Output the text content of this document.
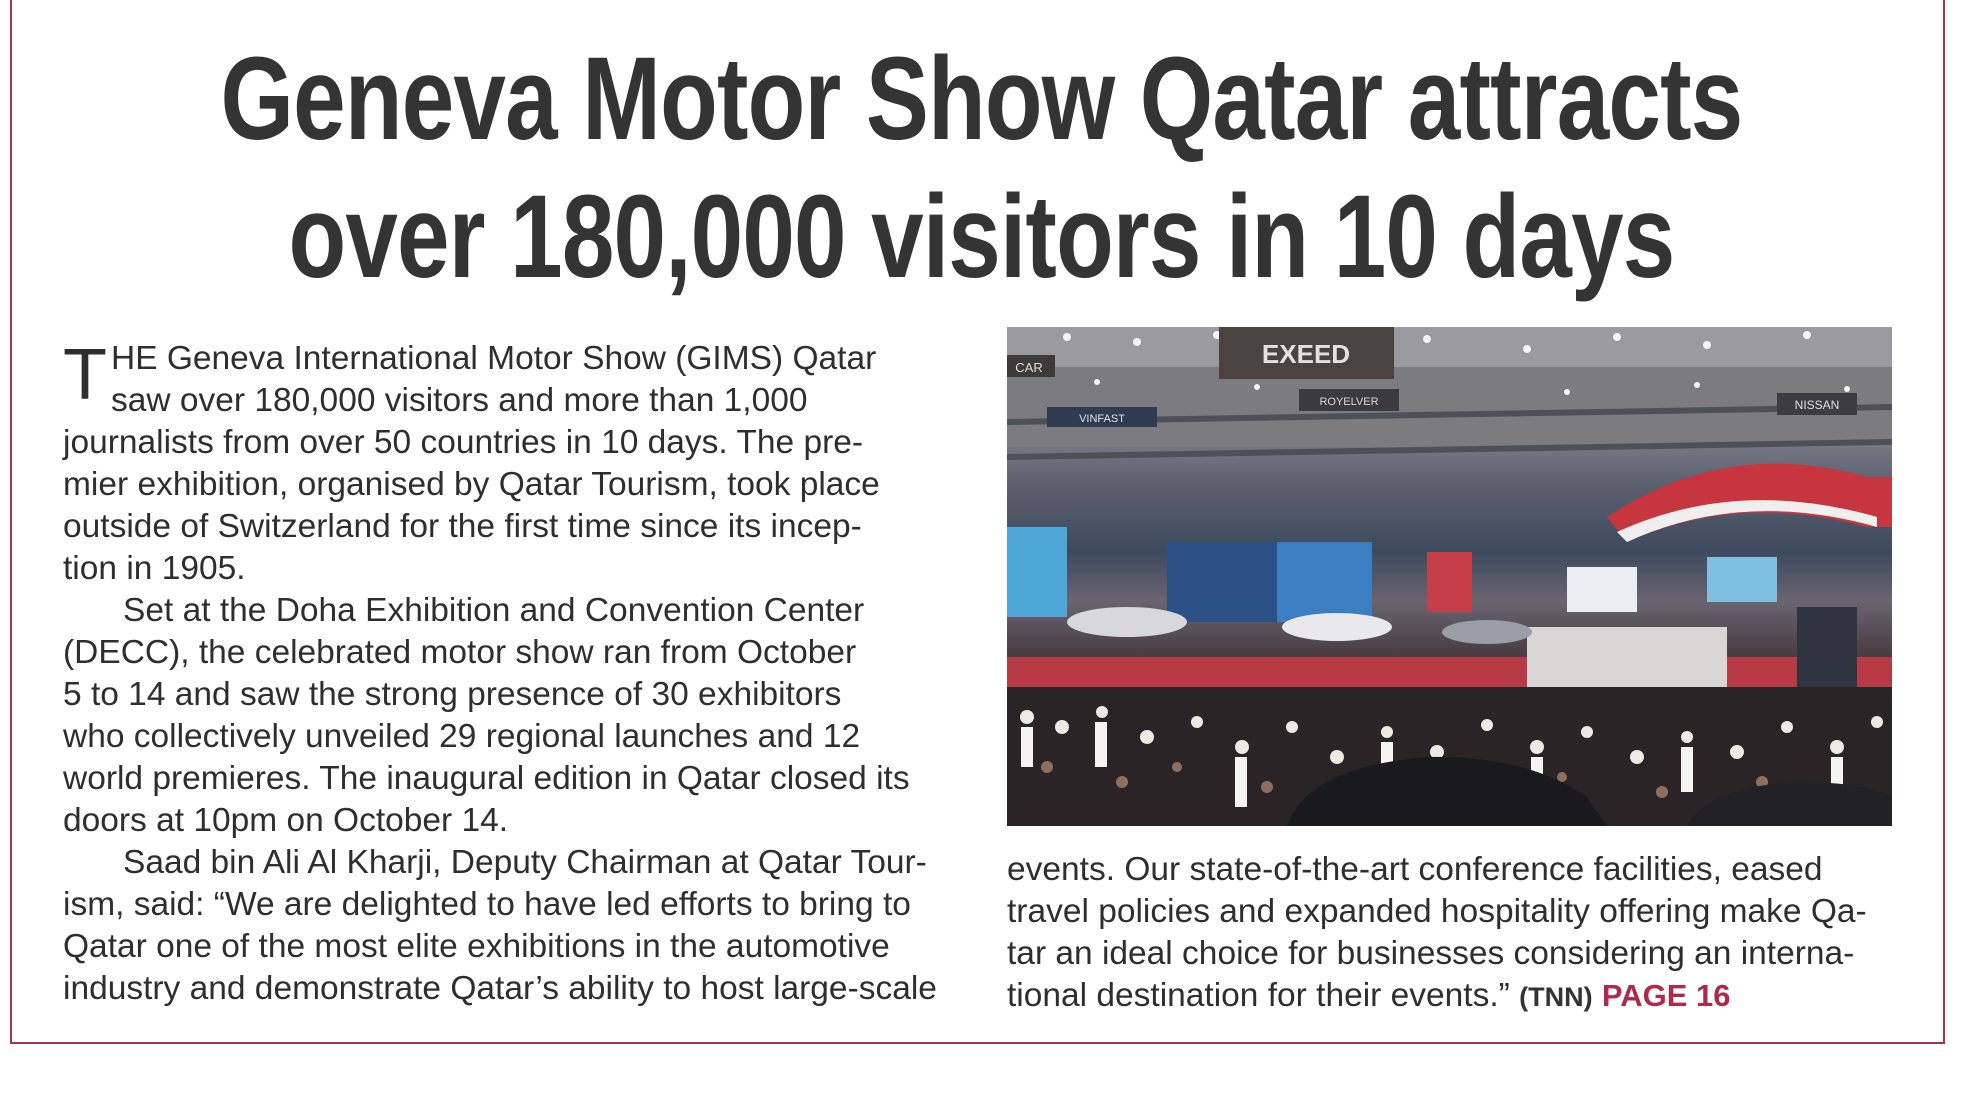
Geneva Motor Show Qatar attracts
over 180,000 visitors in 10 days
T HE Geneva International Motor Show (GIMS) Qatar
saw over 180,000 visitors and more than 1,000
journalists from over 50 countries in 10 days. The pre-
mier exhibition, organised by Qatar Tourism, took place
outside of Switzerland for the first time since its incep-
tion in 1905.
Set at the Doha Exhibition and Convention Center
(DECC), the celebrated motor show ran from October
5 to 14 and saw the strong presence of 30 exhibitors
who collectively unveiled 29 regional launches and 12
world premieres. The inaugural edition in Qatar closed its
doors at 10pm on October 14.
Saad bin Ali Al Kharji, Deputy Chairman at Qatar Tour-
ism, said: “We are delighted to have led efforts to bring to
Qatar one of the most elite exhibitions in the automotive
industry and demonstrate Qatar’s ability to host large-scale
EXEED
ROYELVER
VINFAST
CAR
NISSAN
events. Our state-of-the-art conference facilities, eased
travel policies and expanded hospitality offering make Qa-
tar an ideal choice for businesses considering an interna-
tional destination for their events.” (TNN) PAGE 16
